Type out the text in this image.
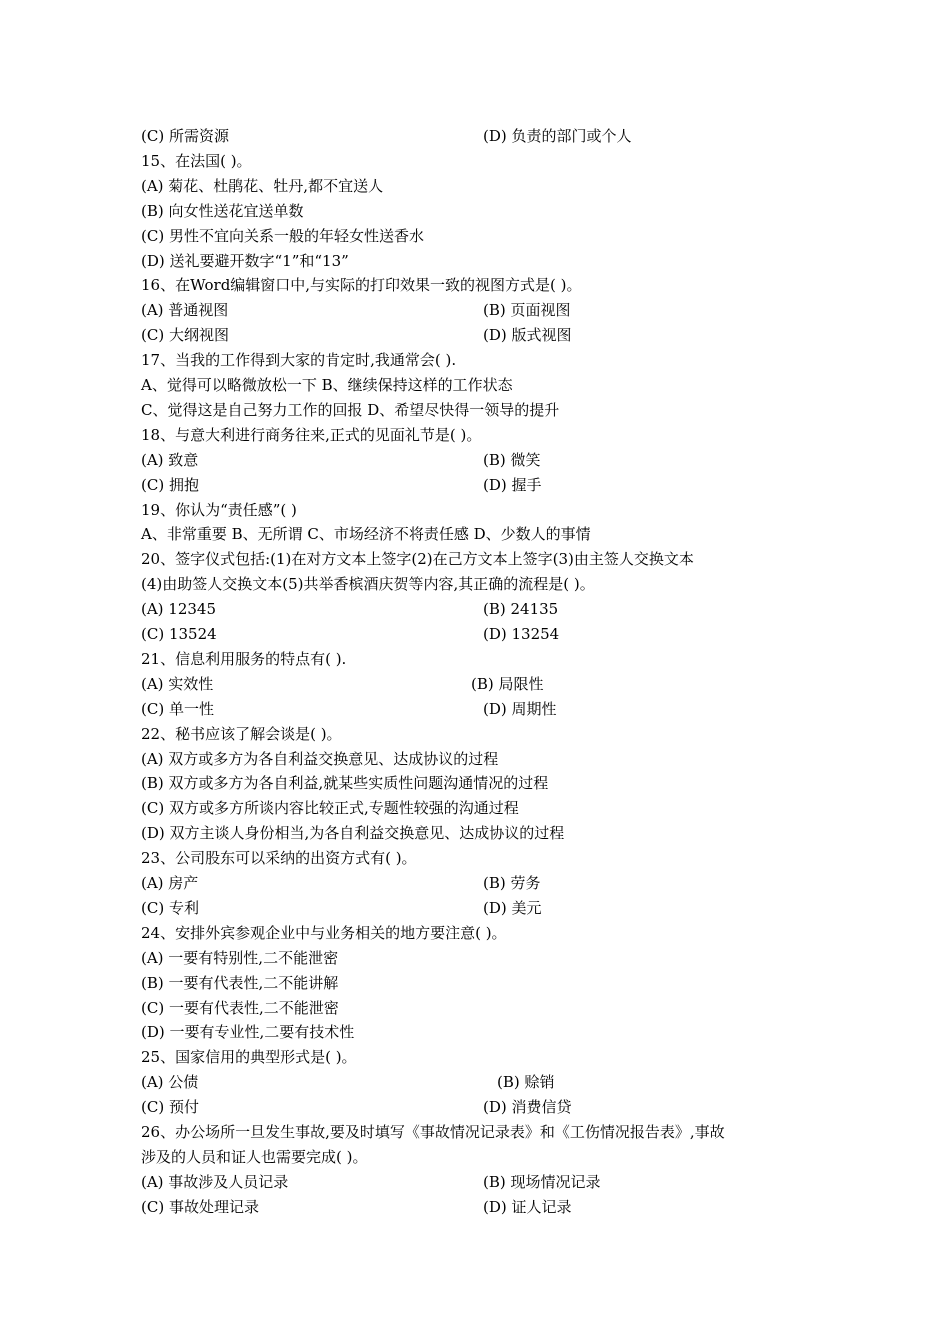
(C) 所需资源	(D) 负责的部门或个人
15、在法国( )。
(A) 菊花、杜鹃花、牡丹,都不宜送人
(B) 向女性送花宜送单数
(C) 男性不宜向关系一般的年轻女性送香水
(D) 送礼要避开数字“1”和“13”
16、在Word编辑窗口中,与实际的打印效果一致的视图方式是( )。
(A) 普通视图	(B) 页面视图
(C) 大纲视图	(D) 版式视图
17、当我的工作得到大家的肯定时,我通常会( ).
A、觉得可以略微放松一下 B、继续保持这样的工作状态
C、觉得这是自己努力工作的回报 D、希望尽快得一领导的提升
18、与意大利进行商务往来,正式的见面礼节是( )。
(A) 致意	(B) 微笑
(C) 拥抱	(D) 握手
19、你认为“责任感”( )
A、非常重要 B、无所谓 C、市场经济不将责任感 D、少数人的事情
20、签字仪式包括:(1)在对方文本上签字(2)在己方文本上签字(3)由主签人交换文本
(4)由助签人交换文本(5)共举香槟酒庆贺等内容,其正确的流程是( )。
(A) 12345	(B) 24135
(C) 13524	(D) 13254
21、信息利用服务的特点有( ).
(A) 实效性	(B) 局限性
(C) 单一性	(D) 周期性
22、秘书应该了解会谈是( )。
(A) 双方或多方为各自利益交换意见、达成协议的过程
(B) 双方或多方为各自利益,就某些实质性问题沟通情况的过程
(C) 双方或多方所谈内容比较正式,专题性较强的沟通过程
(D) 双方主谈人身份相当,为各自利益交换意见、达成协议的过程
23、公司股东可以采纳的出资方式有( )。
(A) 房产	(B) 劳务
(C) 专利	(D) 美元
24、安排外宾参观企业中与业务相关的地方要注意( )。
(A) 一要有特别性,二不能泄密
(B) 一要有代表性,二不能讲解
(C) 一要有代表性,二不能泄密
(D) 一要有专业性,二要有技术性
25、国家信用的典型形式是( )。
(A) 公债	(B) 赊销
(C) 预付	(D) 消费信贷
26、办公场所一旦发生事故,要及时填写《事故情况记录表》和《工伤情况报告表》,事故
涉及的人员和证人也需要完成( )。
(A) 事故涉及人员记录	(B) 现场情况记录
(C) 事故处理记录	(D) 证人记录
